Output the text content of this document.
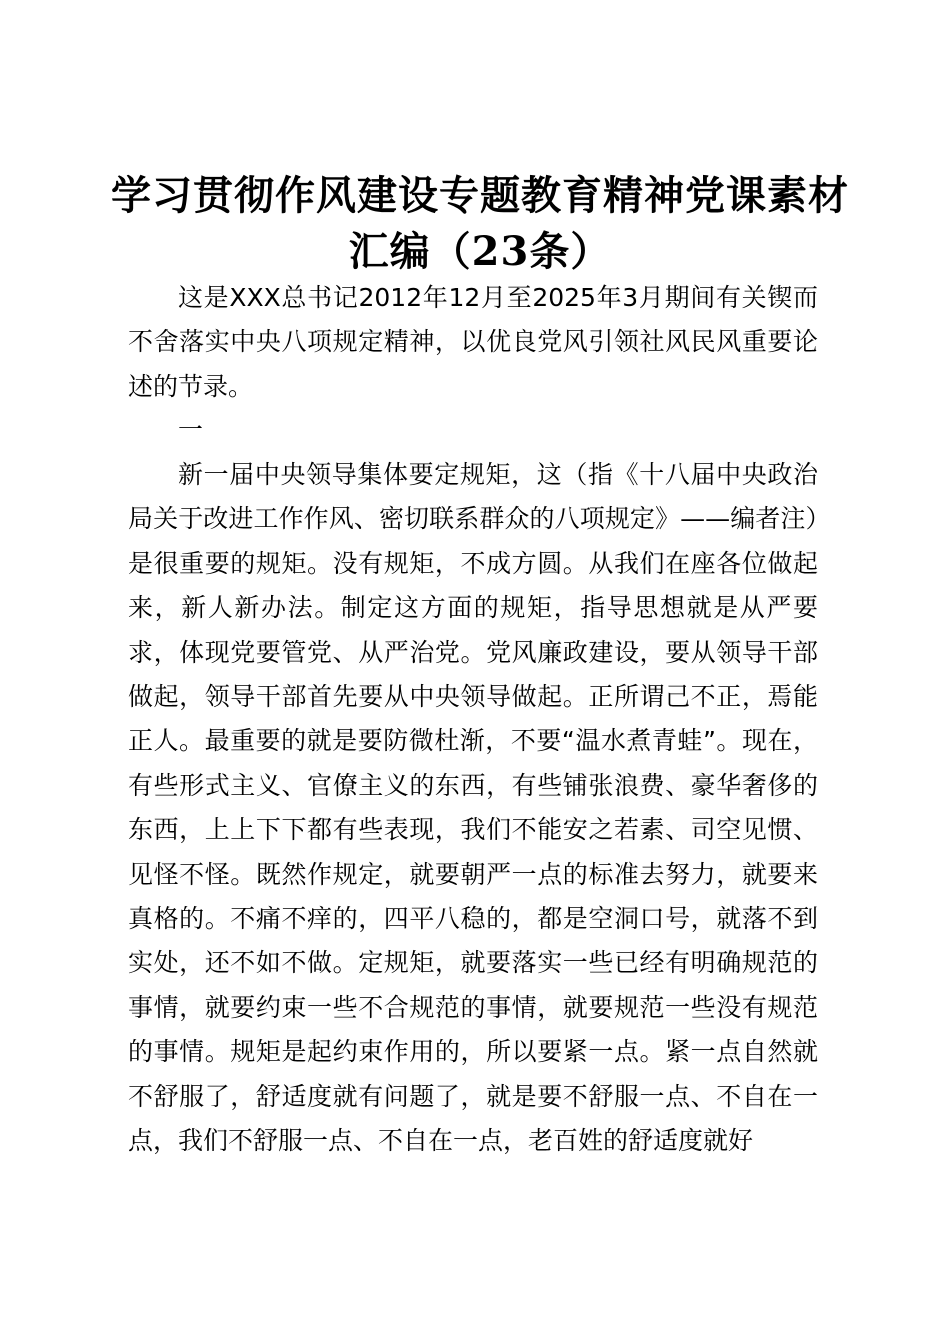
学习贯彻作风建设专题教育精神党课素材汇编（23条）

这是XXX总书记2012年12月至2025年3月期间有关锲而不舍落实中央八项规定精神，以优良党风引领社风民风重要论述的节录。

一

新一届中央领导集体要定规矩，这（指《十八届中央政治局关于改进工作作风、密切联系群众的八项规定》——编者注）是很重要的规矩。没有规矩，不成方圆。从我们在座各位做起来，新人新办法。制定这方面的规矩，指导思想就是从严要求，体现党要管党、从严治党。党风廉政建设，要从领导干部做起，领导干部首先要从中央领导做起。正所谓己不正，焉能正人。最重要的就是要防微杜渐，不要“温水煮青蛙”。现在，有些形式主义、官僚主义的东西，有些铺张浪费、豪华奢侈的东西，上上下下都有些表现，我们不能安之若素、司空见惯、见怪不怪。既然作规定，就要朝严一点的标准去努力，就要来真格的。不痛不痒的，四平八稳的，都是空洞口号，就落不到实处，还不如不做。定规矩，就要落实一些已经有明确规范的事情，就要约束一些不合规范的事情，就要规范一些没有规范的事情。规矩是起约束作用的，所以要紧一点。紧一点自然就不舒服了，舒适度就有问题了，就是要不舒服一点、不自在一点，我们不舒服一点、不自在一点，老百姓的舒适度就好
